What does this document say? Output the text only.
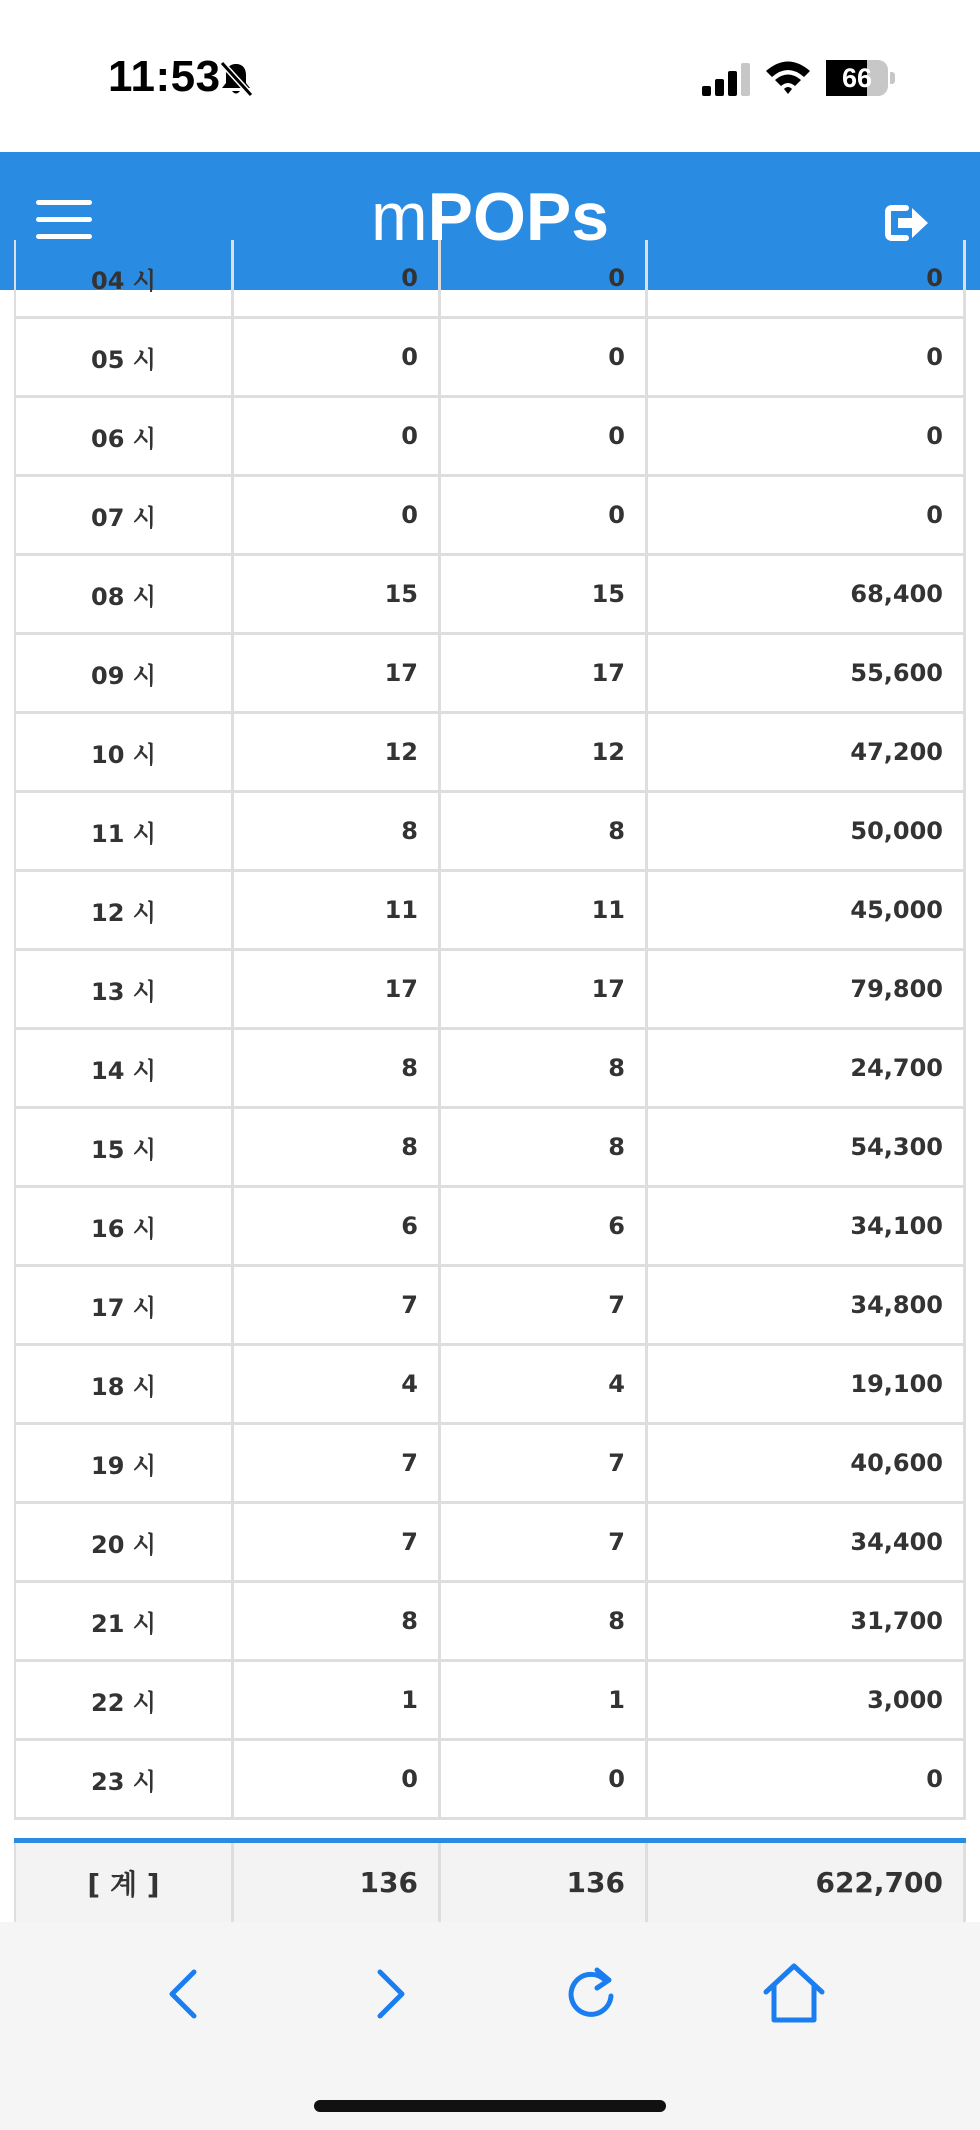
11:53	66
mPOPs
04 시	0	0	0
05 시	0	0	0
06 시	0	0	0
07 시	0	0	0
08 시	15	15	68,400
09 시	17	17	55,600
10 시	12	12	47,200
11 시	8	8	50,000
12 시	11	11	45,000
13 시	17	17	79,800
14 시	8	8	24,700
15 시	8	8	54,300
16 시	6	6	34,100
17 시	7	7	34,800
18 시	4	4	19,100
19 시	7	7	40,600
20 시	7	7	34,400
21 시	8	8	31,700
22 시	1	1	3,000
23 시	0	0	0
[ 계 ]	136	136	622,700
